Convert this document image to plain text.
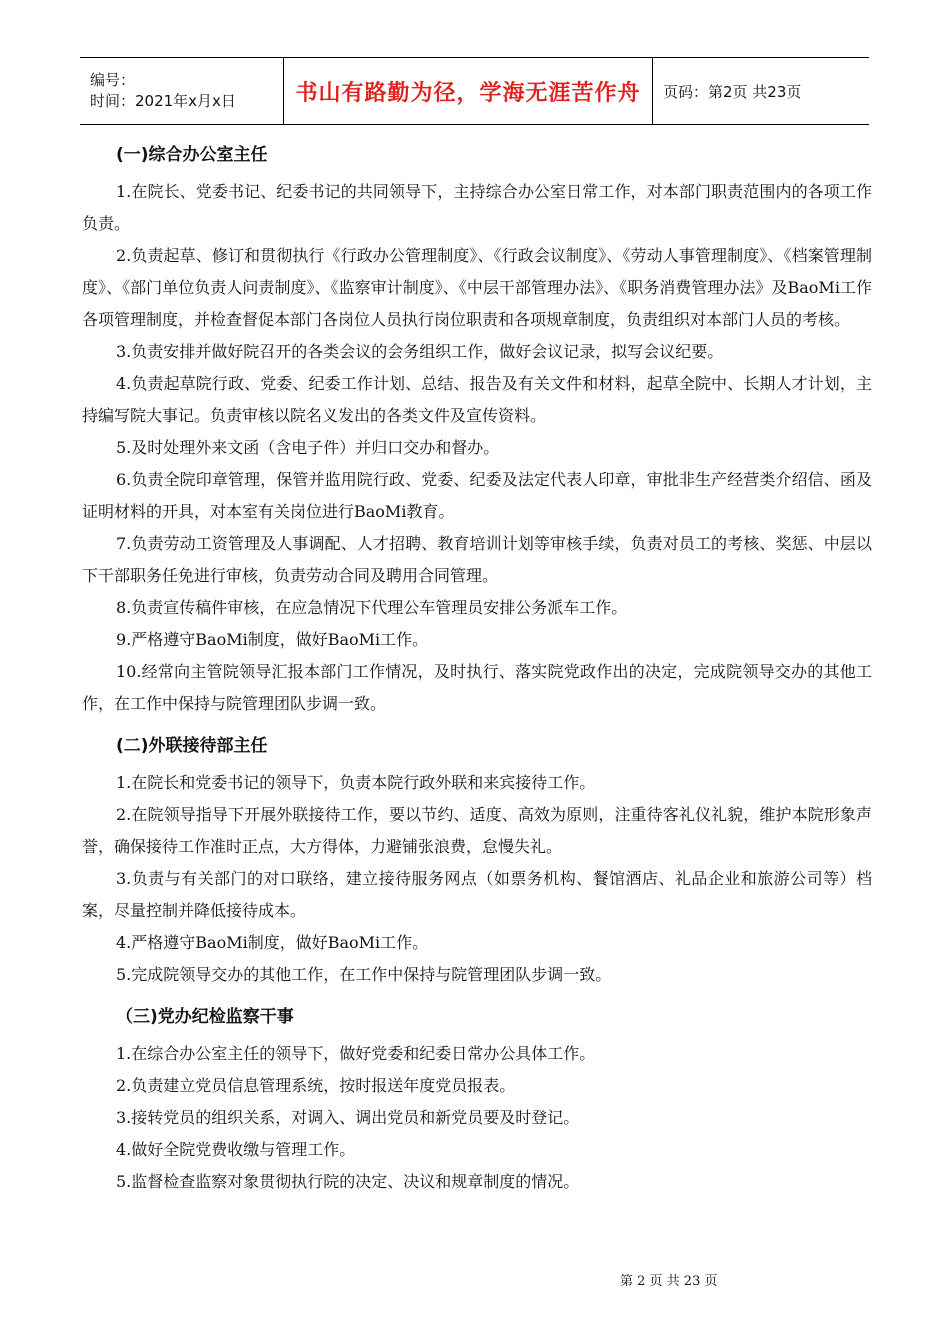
编号：
时间：2021年x月x日	书山有路勤为径，学海无涯苦作舟 页码：第2页 共23页
(一)综合办公室主任

1.在院长、党委书记、纪委书记的共同领导下，主持综合办公室日常工作，对本部门职责范围内的各项工作负责。

2.负责起草、修订和贯彻执行《行政办公管理制度》、《行政会议制度》、《劳动人事管理制度》、《档案管理制度》、《部门单位负责人问责制度》、《监察审计制度》、《中层干部管理办法》、《职务消费管理办法》及BaoMi工作各项管理制度，并检查督促本部门各岗位人员执行岗位职责和各项规章制度，负责组织对本部门人员的考核。

3.负责安排并做好院召开的各类会议的会务组织工作，做好会议记录，拟写会议纪要。

4.负责起草院行政、党委、纪委工作计划、总结、报告及有关文件和材料，起草全院中、长期人才计划，主持编写院大事记。负责审核以院名义发出的各类文件及宣传资料。

5.及时处理外来文函（含电子件）并归口交办和督办。

6.负责全院印章管理，保管并监用院行政、党委、纪委及法定代表人印章，审批非生产经营类介绍信、函及证明材料的开具，对本室有关岗位进行BaoMi教育。

7.负责劳动工资管理及人事调配、人才招聘、教育培训计划等审核手续，负责对员工的考核、奖惩、中层以下干部职务任免进行审核，负责劳动合同及聘用合同管理。

8.负责宣传稿件审核，在应急情况下代理公车管理员安排公务派车工作。

9.严格遵守BaoMi制度，做好BaoMi工作。

10.经常向主管院领导汇报本部门工作情况，及时执行、落实院党政作出的决定，完成院领导交办的其他工作，在工作中保持与院管理团队步调一致。

(二)外联接待部主任

1.在院长和党委书记的领导下，负责本院行政外联和来宾接待工作。

2.在院领导指导下开展外联接待工作，要以节约、适度、高效为原则，注重待客礼仪礼貌，维护本院形象声誉，确保接待工作准时正点，大方得体，力避铺张浪费，怠慢失礼。

3.负责与有关部门的对口联络，建立接待服务网点（如票务机构、餐馆酒店、礼品企业和旅游公司等）档案，尽量控制并降低接待成本。

4.严格遵守BaoMi制度，做好BaoMi工作。

5.完成院领导交办的其他工作，在工作中保持与院管理团队步调一致。

（三)党办纪检监察干事

1.在综合办公室主任的领导下，做好党委和纪委日常办公具体工作。

2.负责建立党员信息管理系统，按时报送年度党员报表。

3.接转党员的组织关系，对调入、调出党员和新党员要及时登记。

4.做好全院党费收缴与管理工作。

5.监督检查监察对象贯彻执行院的决定、决议和规章制度的情况。

第 2 页 共 23 页
